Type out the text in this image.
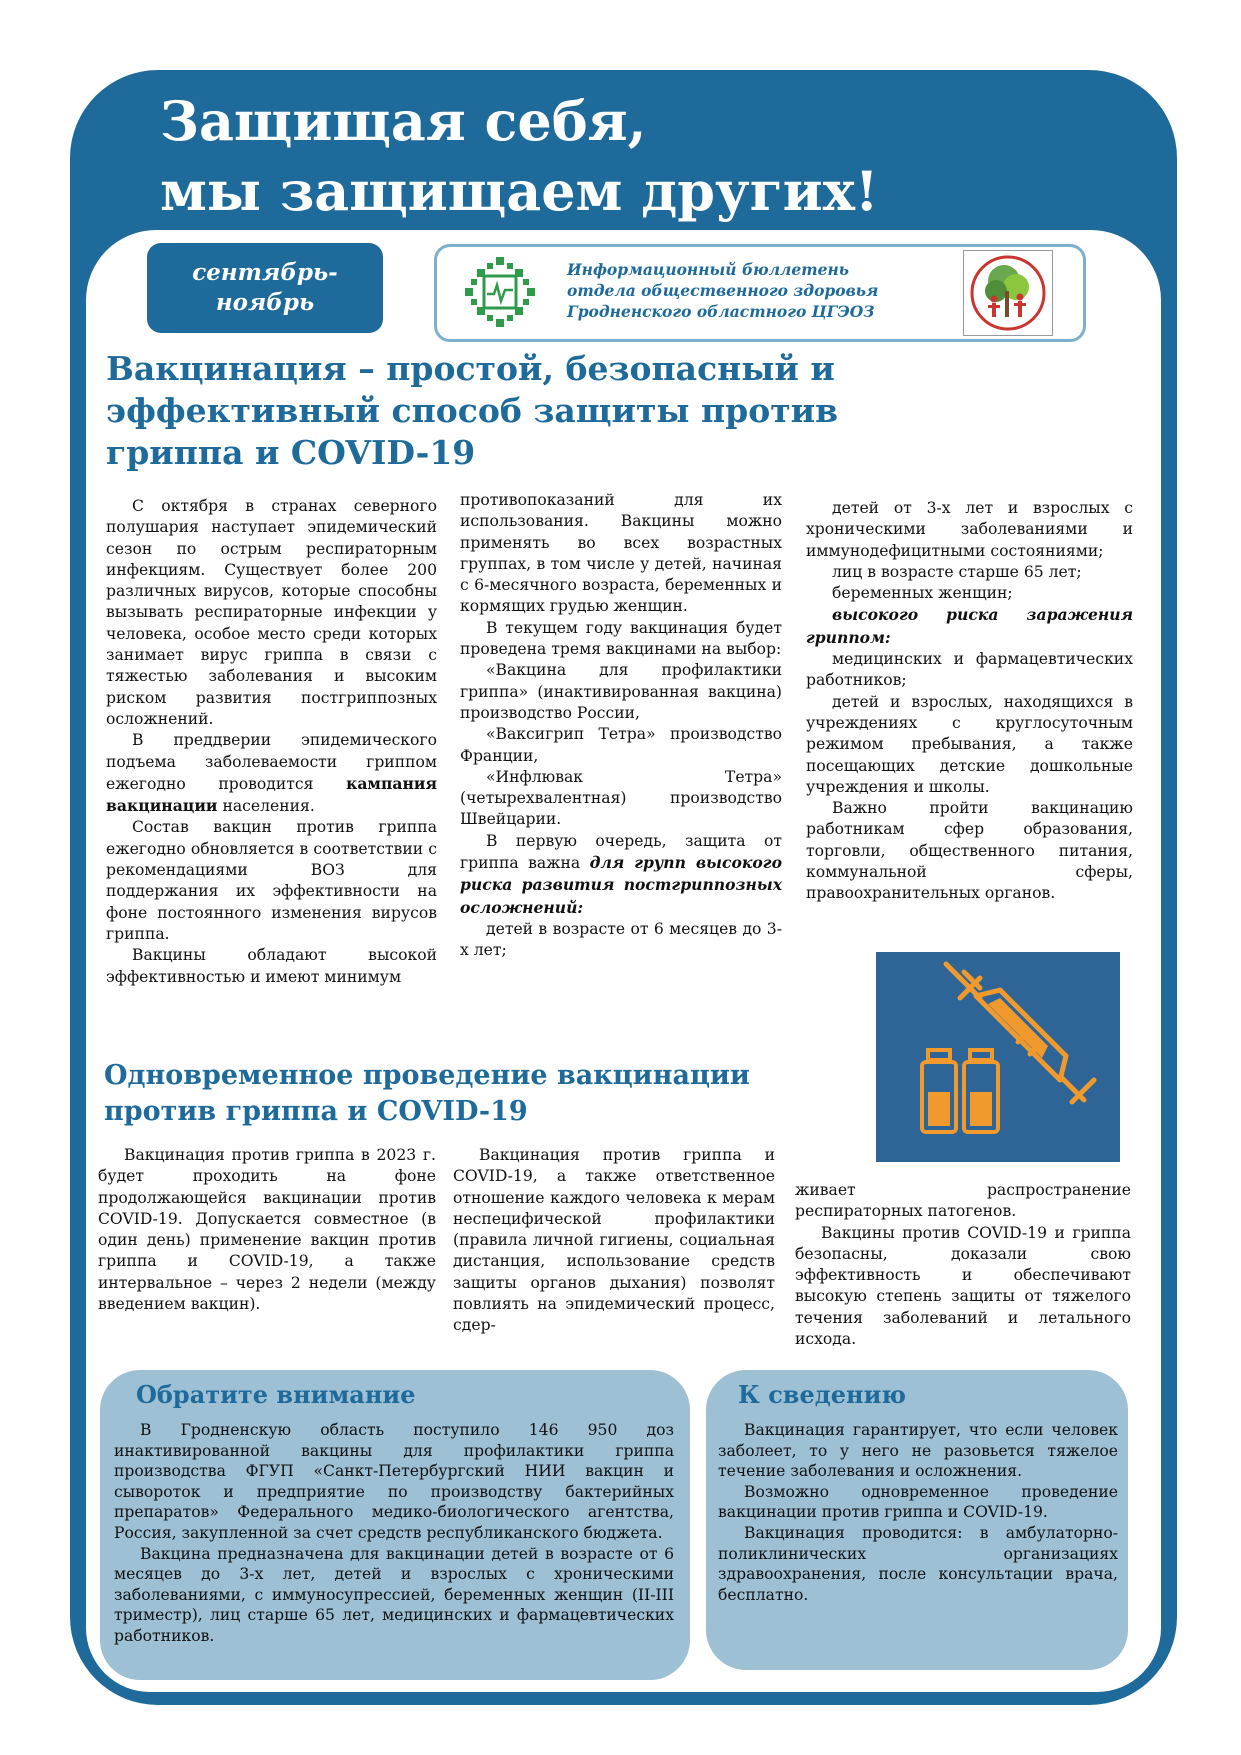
Защищая себя,
мы защищаем других!
сентябрь-
ноябрь
Информационный бюллетень
отдела общественного здоровья
Гродненского областного ЦГЭОЗ
Вакцинация – простой, безопасный и
эффективный способ защиты против
гриппа и COVID-19

С октября в странах северного полушария наступает эпидемический сезон по острым респираторным инфекциям. Существует более 200 различных вирусов, которые способны вызывать респираторные инфекции у человека, особое место среди которых занимает вирус гриппа в связи с тяжестью заболевания и высоким риском развития постгриппозных осложнений.

В преддверии эпидемического подъема заболеваемости гриппом ежегодно проводится кампания вакцинации населения.

Состав вакцин против гриппа ежегодно обновляется в соответствии с рекомендациями ВОЗ для поддержания их эффективности на фоне постоянного изменения вирусов гриппа.

Вакцины обладают высокой эффективностью и имеют минимум

противопоказаний для их использования. Вакцины можно применять во всех возрастных группах, в том числе у детей, начиная с 6-месячного возраста, беременных и кормящих грудью женщин.

В текущем году вакцинация будет проведена тремя вакцинами на выбор:

«Вакцина для профилактики гриппа» (инактивированная вакцина) производство России,

«Ваксигрип Тетра» производство Франции,

«Инфлювак Тетра» (четырехвалентная) производство Швейцарии.

В первую очередь, защита от гриппа важна для групп высокого риска развития постгриппозных осложнений:

детей в возрасте от 6 месяцев до 3-х лет;

детей от 3-х лет и взрослых с хроническими заболеваниями и иммунодефицитными состояниями;

лиц в возрасте старше 65 лет;

беременных женщин;

высокого риска заражения гриппом:

медицинских и фармацевтических работников;

детей и взрослых, находящихся в учреждениях с круглосуточным режимом пребывания, а также посещающих детские дошкольные учреждения и школы.

Важно пройти вакцинацию работникам сфер образования, торговли, общественного питания, коммунальной сферы, правоохранительных органов.

Одновременное проведение вакцинации
против гриппа и COVID-19

Вакцинация против гриппа в 2023 г. будет проходить на фоне продолжающейся вакцинации против COVID-19. Допускается совместное (в один день) применение вакцин против гриппа и COVID-19, а также интервальное – через 2 недели (между введением вакцин).

Вакцинация против гриппа и COVID-19, а также ответственное отношение каждого человека к мерам неспецифической профилактики (правила личной гигиены, социальная дистанция, использование средств защиты органов дыхания) позволят повлиять на эпидемический процесс, сдер-

живает распространение респираторных патогенов.

Вакцины против COVID-19 и гриппа безопасны, доказали свою эффективность и обеспечивают высокую степень защиты от тяжелого течения заболеваний и летального исхода.

Обратите внимание

В Гродненскую область поступило 146 950 доз инактивированной вакцины для профилактики гриппа производства ФГУП «Санкт-Петербургский НИИ вакцин и сывороток и предприятие по производству бактерийных препаратов» Федерального медико-биологического агентства, Россия, закупленной за счет средств республиканского бюджета.

Вакцина предназначена для вакцинации детей в возрасте от 6 месяцев до 3-х лет, детей и взрослых с хроническими заболеваниями, с иммуносупрессией, беременных женщин (II-III триместр), лиц старше 65 лет, медицинских и фармацевтических работников.

К сведению

Вакцинация гарантирует, что если человек заболеет, то у него не разовьется тяжелое течение заболевания и осложнения.

Возможно одновременное проведение вакцинации против гриппа и COVID-19.

Вакцинация проводится: в амбулаторно-поликлинических организациях здравоохранения, после консультации врача, бесплатно.
